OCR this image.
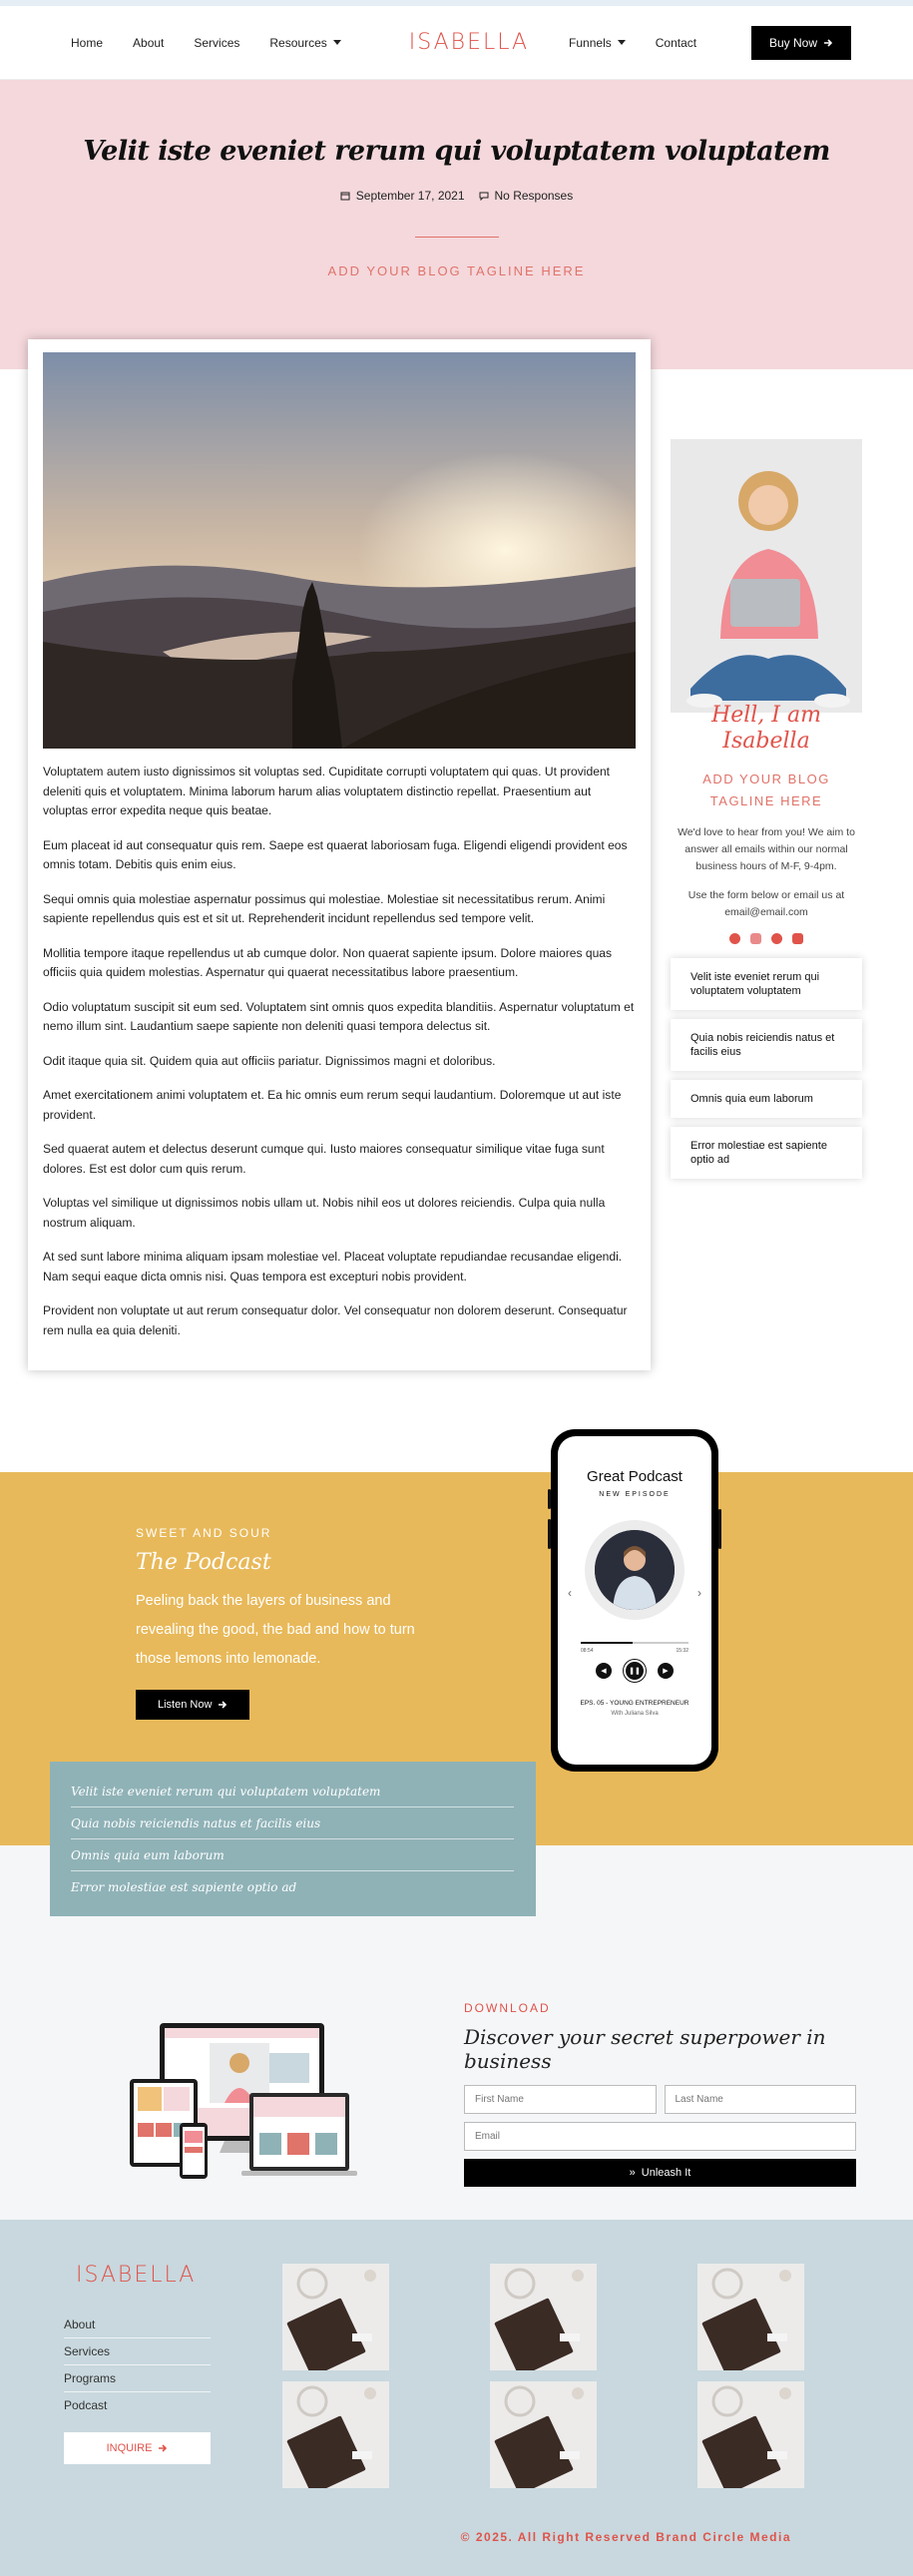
Home	About	Services	Resources	ISABELLA	Funnels	Contact	Buy Now
Velit iste eveniet rerum qui voluptatem voluptatem
September 17, 2021	No Responses
ADD YOUR BLOG TAGLINE HERE

Voluptatem autem iusto dignissimos sit voluptas sed. Cupiditate corrupti voluptatem qui quas. Ut provident deleniti quis et voluptatem. Minima laborum harum alias voluptatem distinctio repellat. Praesentium aut voluptas error expedita neque quis beatae.

Eum placeat id aut consequatur quis rem. Saepe est quaerat laboriosam fuga. Eligendi eligendi provident eos omnis totam. Debitis quis enim eius.

Sequi omnis quia molestiae aspernatur possimus qui molestiae. Molestiae sit necessitatibus rerum. Animi sapiente repellendus quis est et sit ut. Reprehenderit incidunt repellendus sed tempore velit.

Mollitia tempore itaque repellendus ut ab cumque dolor. Non quaerat sapiente ipsum. Dolore maiores quas officiis quia quidem molestias. Aspernatur qui quaerat necessitatibus labore praesentium.

Odio voluptatum suscipit sit eum sed. Voluptatem sint omnis quos expedita blanditiis. Aspernatur voluptatum et nemo illum sint. Laudantium saepe sapiente non deleniti quasi tempora delectus sit.

Odit itaque quia sit. Quidem quia aut officiis pariatur. Dignissimos magni et doloribus.

Amet exercitationem animi voluptatem et. Ea hic omnis eum rerum sequi laudantium. Doloremque ut aut iste provident.

Sed quaerat autem et delectus deserunt cumque qui. Iusto maiores consequatur similique vitae fuga sunt dolores. Est est dolor cum quis rerum.

Voluptas vel similique ut dignissimos nobis ullam ut. Nobis nihil eos ut dolores reiciendis. Culpa quia nulla nostrum aliquam.

At sed sunt labore minima aliquam ipsam molestiae vel. Placeat voluptate repudiandae recusandae eligendi. Nam sequi eaque dicta omnis nisi. Quas tempora est excepturi nobis provident.

Provident non voluptate ut aut rerum consequatur dolor. Vel consequatur non dolorem deserunt. Consequatur rem nulla ea quia deleniti.

Hell, I am Isabella
ADD YOUR BLOG TAGLINE HERE

We'd love to hear from you! We aim to answer all emails within our normal business hours of M-F, 9-4pm.

Use the form below or email us at email@email.com

Velit iste eveniet rerum qui voluptatem voluptatem
Quia nobis reiciendis natus et facilis eius
Omnis quia eum laborum
Error molestiae est sapiente optio ad
SWEET AND SOUR
The Podcast

Peeling back the layers of business and revealing the good, the bad and how to turn those lemons into lemonade.

Listen Now
Great Podcast
NEW EPISODE
‹	›
08:54	15:32
◀	❚❚	▶
EPS. 05 - YOUNG ENTREPRENEUR
With Juliana Silva
Velit iste eveniet rerum qui voluptatem voluptatem
Quia nobis reiciendis natus et facilis eius
Omnis quia eum laborum
Error molestiae est sapiente optio ad
DOWNLOAD
Discover your secret superpower in business
First Name
Last Name
Email
» Unleash It
ISABELLA
About
Services
Programs
Podcast
INQUIRE
© 2025. All Right Reserved Brand Circle Media
